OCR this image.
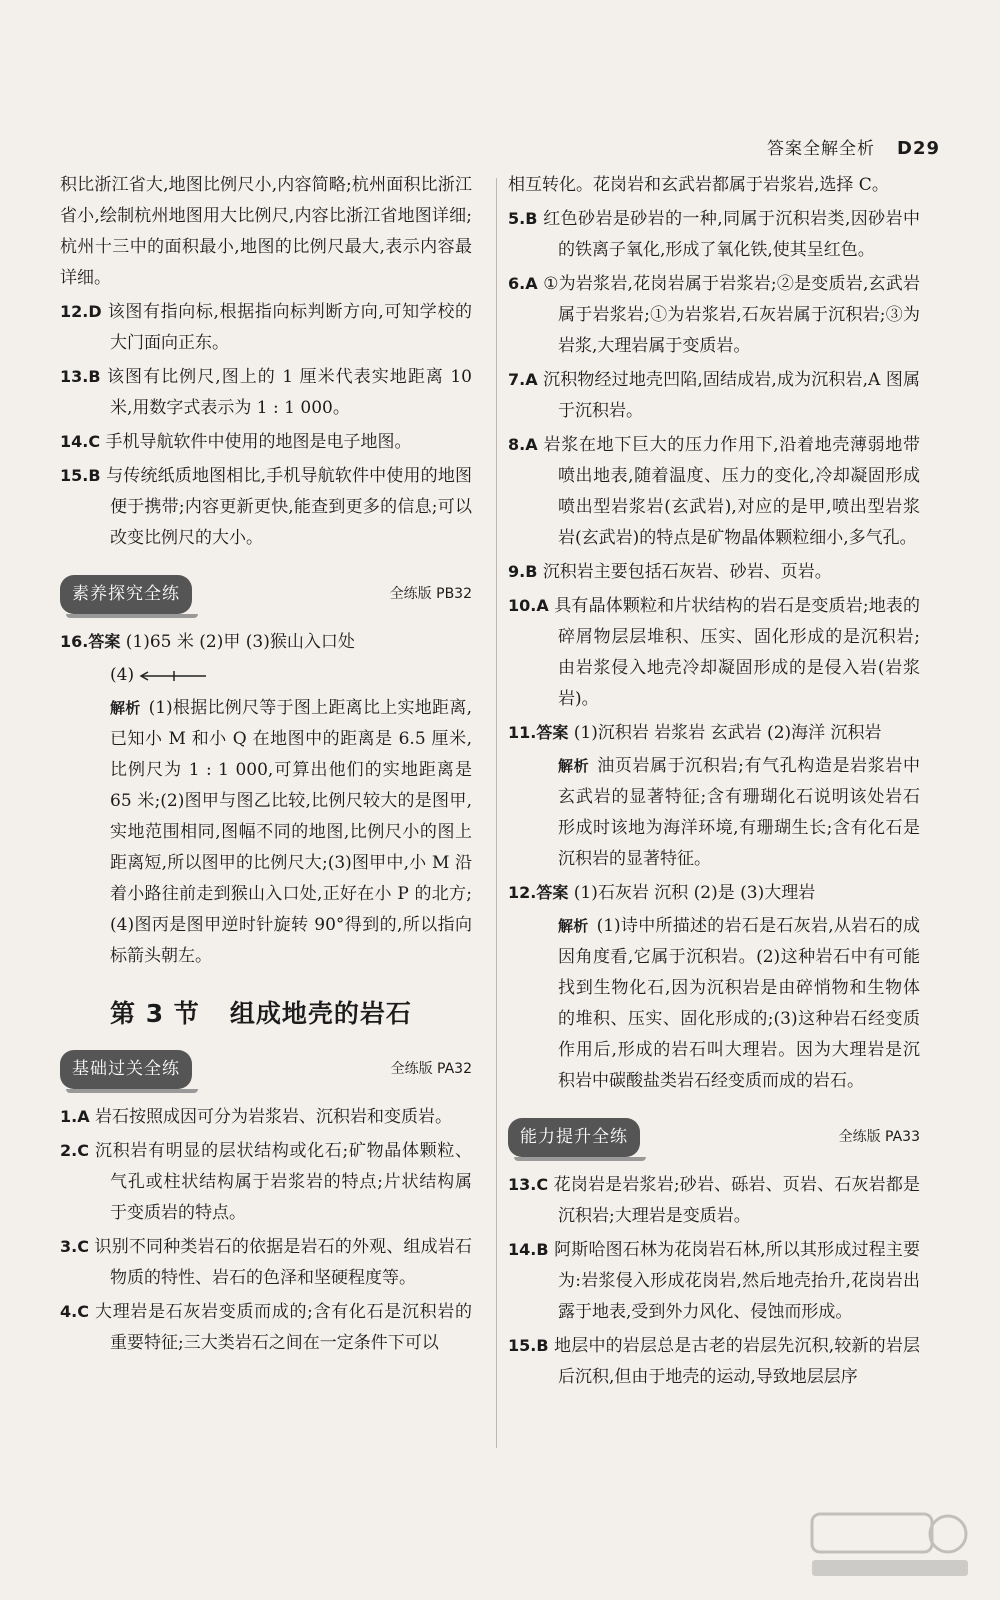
答案全解全析 D29

积比浙江省大,地图比例尺小,内容简略;杭州面积比浙江省小,绘制杭州地图用大比例尺,内容比浙江省地图详细;杭州十三中的面积最小,地图的比例尺最大,表示内容最详细。

12.D 该图有指向标,根据指向标判断方向,可知学校的大门面向正东。

13.B 该图有比例尺,图上的 1 厘米代表实地距离 10 米,用数字式表示为 1 : 1 000。

14.C 手机导航软件中使用的地图是电子地图。

15.B 与传统纸质地图相比,手机导航软件中使用的地图便于携带;内容更新更快,能查到更多的信息;可以改变比例尺的大小。

素养探究全练	全练版 PB32

16.答案 (1)65 米 (2)甲 (3)猴山入口处

(4)

解析 (1)根据比例尺等于图上距离比上实地距离,已知小 M 和小 Q 在地图中的距离是 6.5 厘米,比例尺为 1 : 1 000,可算出他们的实地距离是 65 米;(2)图甲与图乙比较,比例尺较大的是图甲,实地范围相同,图幅不同的地图,比例尺小的图上距离短,所以图甲的比例尺大;(3)图甲中,小 M 沿着小路往前走到猴山入口处,正好在小 P 的北方;(4)图丙是图甲逆时针旋转 90°得到的,所以指向标箭头朝左。

第 3 节 组成地壳的岩石
基础过关全练	全练版 PA32

1.A 岩石按照成因可分为岩浆岩、沉积岩和变质岩。

2.C 沉积岩有明显的层状结构或化石;矿物晶体颗粒、气孔或柱状结构属于岩浆岩的特点;片状结构属于变质岩的特点。

3.C 识别不同种类岩石的依据是岩石的外观、组成岩石物质的特性、岩石的色泽和坚硬程度等。

4.C 大理岩是石灰岩变质而成的;含有化石是沉积岩的重要特征;三大类岩石之间在一定条件下可以

相互转化。花岗岩和玄武岩都属于岩浆岩,选择 C。

5.B 红色砂岩是砂岩的一种,同属于沉积岩类,因砂岩中的铁离子氧化,形成了氧化铁,使其呈红色。

6.A ①为岩浆岩,花岗岩属于岩浆岩;②是变质岩,玄武岩属于岩浆岩;①为岩浆岩,石灰岩属于沉积岩;③为岩浆,大理岩属于变质岩。

7.A 沉积物经过地壳凹陷,固结成岩,成为沉积岩,A 图属于沉积岩。

8.A 岩浆在地下巨大的压力作用下,沿着地壳薄弱地带喷出地表,随着温度、压力的变化,冷却凝固形成喷出型岩浆岩(玄武岩),对应的是甲,喷出型岩浆岩(玄武岩)的特点是矿物晶体颗粒细小,多气孔。

9.B 沉积岩主要包括石灰岩、砂岩、页岩。

10.A 具有晶体颗粒和片状结构的岩石是变质岩;地表的碎屑物层层堆积、压实、固化形成的是沉积岩;由岩浆侵入地壳冷却凝固形成的是侵入岩(岩浆岩)。

11.答案 (1)沉积岩 岩浆岩 玄武岩 (2)海洋 沉积岩

解析 油页岩属于沉积岩;有气孔构造是岩浆岩中玄武岩的显著特征;含有珊瑚化石说明该处岩石形成时该地为海洋环境,有珊瑚生长;含有化石是沉积岩的显著特征。

12.答案 (1)石灰岩 沉积 (2)是 (3)大理岩

解析 (1)诗中所描述的岩石是石灰岩,从岩石的成因角度看,它属于沉积岩。(2)这种岩石中有可能找到生物化石,因为沉积岩是由碎悄物和生物体的堆积、压实、固化形成的;(3)这种岩石经变质作用后,形成的岩石叫大理岩。因为大理岩是沉积岩中碳酸盐类岩石经变质而成的岩石。

能力提升全练	全练版 PA33

13.C 花岗岩是岩浆岩;砂岩、砾岩、页岩、石灰岩都是沉积岩;大理岩是变质岩。

14.B 阿斯哈图石林为花岗岩石林,所以其形成过程主要为:岩浆侵入形成花岗岩,然后地壳抬升,花岗岩出露于地表,受到外力风化、侵蚀而形成。

15.B 地层中的岩层总是古老的岩层先沉积,较新的岩层后沉积,但由于地壳的运动,导致地层层序
